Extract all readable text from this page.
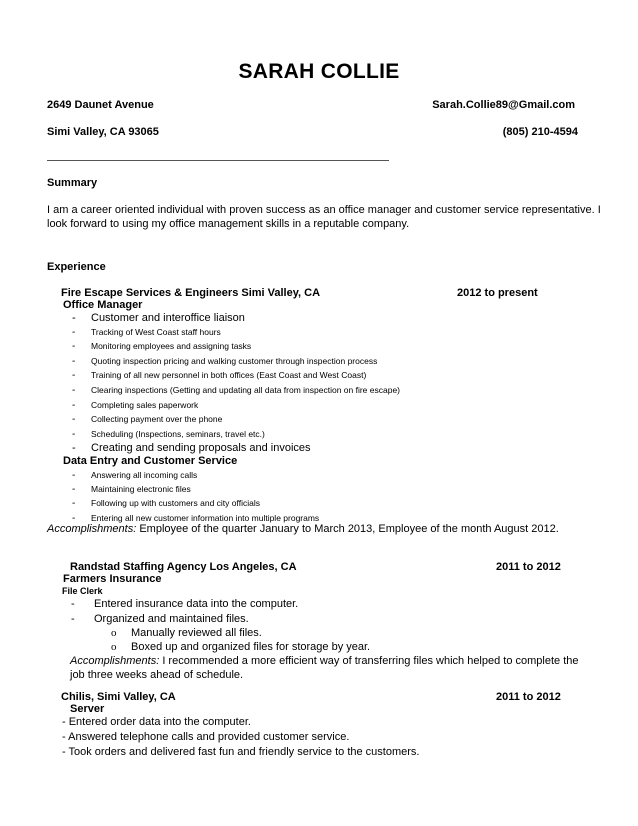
SARAH COLLIE
2649 Daunet Avenue	Sarah.Collie89@Gmail.com
Simi Valley, CA 93065	(805) 210-4594
Summary
I am a career oriented individual with proven success as an office manager and customer service representative. I look forward to using my office management skills in a reputable company.
Experience
Fire Escape Services & Engineers Simi Valley, CA	2012 to present
Office Manager
- Customer and interoffice liaison
- Tracking of West Coast staff hours
- Monitoring employees and assigning tasks
- Quoting inspection pricing and walking customer through inspection process
- Training of all new personnel in both offices (East Coast and West Coast)
- Clearing inspections (Getting and updating all data from inspection on fire escape)
- Completing sales paperwork
- Collecting payment over the phone
- Scheduling (Inspections, seminars, travel etc.)
- Creating and sending proposals and invoices
Data Entry and Customer Service
- Answering all incoming calls
- Maintaining electronic files
- Following up with customers and city officials
- Entering all new customer information into multiple programs
Accomplishments: Employee of the quarter January to March 2013, Employee of the month August 2012.
Randstad Staffing Agency Los Angeles, CA	2011 to 2012
Farmers Insurance
File Clerk
- Entered insurance data into the computer.
- Organized and maintained files.
o Manually reviewed all files.
o Boxed up and organized files for storage by year.
Accomplishments: I recommended a more efficient way of transferring files which helped to complete the job three weeks ahead of schedule.
Chilis, Simi Valley, CA	2011 to 2012
Server
- Entered order data into the computer.
- Answered telephone calls and provided customer service.
- Took orders and delivered fast fun and friendly service to the customers.
